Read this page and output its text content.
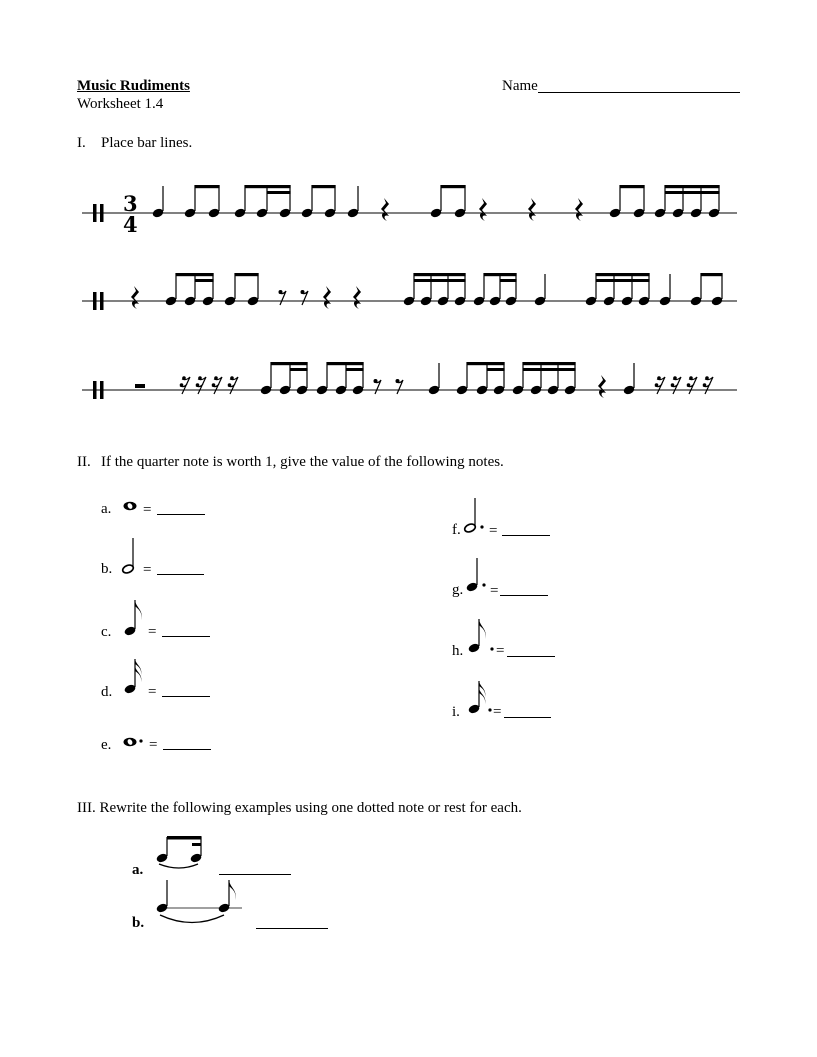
Music Rudiments
Worksheet 1.4
Name
I. Place bar lines.
3
4
II. If the quarter note is worth 1, give the value of the following notes.
a. =
b. =
c. =
d. =
e.	=
f. =
g. =
h. =
i. =
III. Rewrite the following examples using one dotted note or rest for each.
a.
b.
